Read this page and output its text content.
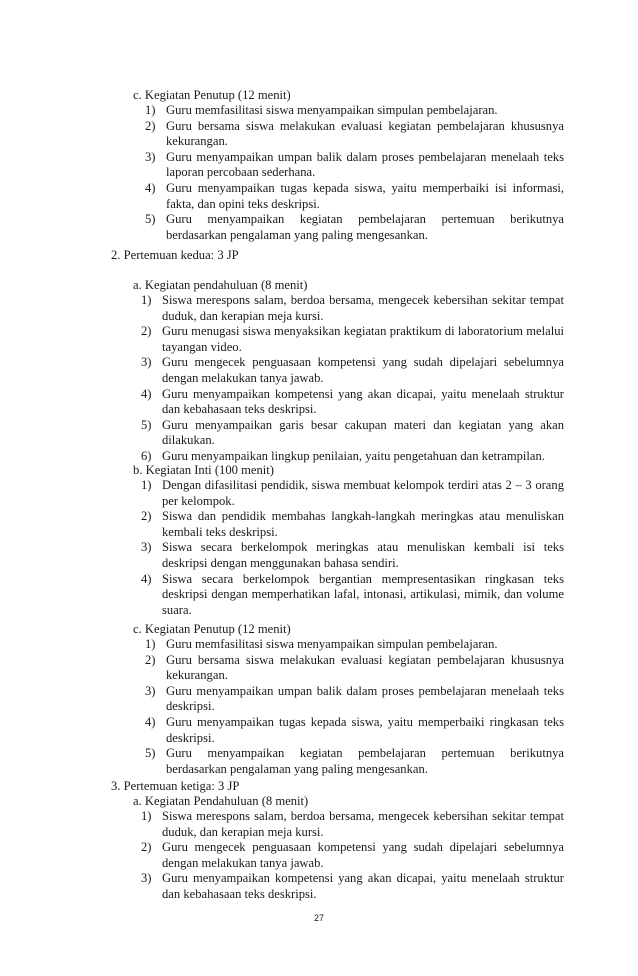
c. Kegiatan Penutup (12 menit)
1) Guru memfasilitasi siswa menyampaikan simpulan pembelajaran.
2) Guru bersama siswa melakukan evaluasi kegiatan pembelajaran khususnya kekurangan.
3) Guru menyampaikan umpan balik dalam proses pembelajaran menelaah teks laporan percobaan sederhana.
4) Guru menyampaikan tugas kepada siswa, yaitu memperbaiki isi informasi, fakta, dan opini teks deskripsi.
5) Guru menyampaikan kegiatan pembelajaran pertemuan berikutnya berdasarkan pengalaman yang paling mengesankan.
2. Pertemuan kedua: 3 JP
a. Kegiatan pendahuluan (8 menit)
1) Siswa merespons salam, berdoa bersama, mengecek kebersihan sekitar tempat duduk, dan kerapian meja kursi.
2) Guru menugasi siswa menyaksikan kegiatan praktikum di laboratorium melalui tayangan video.
3) Guru mengecek penguasaan kompetensi yang sudah dipelajari sebelumnya dengan melakukan tanya jawab.
4) Guru menyampaikan kompetensi yang akan dicapai, yaitu menelaah struktur dan kebahasaan teks deskripsi.
5) Guru menyampaikan garis besar cakupan materi dan kegiatan yang akan dilakukan.
6) Guru menyampaikan lingkup penilaian, yaitu pengetahuan dan ketrampilan.
b. Kegiatan Inti (100 menit)
1) Dengan difasilitasi pendidik, siswa membuat kelompok terdiri atas 2 – 3 orang per kelompok.
2) Siswa dan pendidik membahas langkah-langkah meringkas atau menuliskan kembali teks deskripsi.
3) Siswa secara berkelompok meringkas atau menuliskan kembali isi teks deskripsi dengan menggunakan bahasa sendiri.
4) Siswa secara berkelompok bergantian mempresentasikan ringkasan teks deskripsi dengan memperhatikan lafal, intonasi, artikulasi, mimik, dan volume suara.
c. Kegiatan Penutup (12 menit)
1) Guru memfasilitasi siswa menyampaikan simpulan pembelajaran.
2) Guru bersama siswa melakukan evaluasi kegiatan pembelajaran khususnya kekurangan.
3) Guru menyampaikan umpan balik dalam proses pembelajaran menelaah teks deskripsi.
4) Guru menyampaikan tugas kepada siswa, yaitu memperbaiki ringkasan teks deskripsi.
5) Guru menyampaikan kegiatan pembelajaran pertemuan berikutnya berdasarkan pengalaman yang paling mengesankan.
3. Pertemuan ketiga: 3 JP
a. Kegiatan Pendahuluan (8 menit)
1) Siswa merespons salam, berdoa bersama, mengecek kebersihan sekitar tempat duduk, dan kerapian meja kursi.
2) Guru mengecek penguasaan kompetensi yang sudah dipelajari sebelumnya dengan melakukan tanya jawab.
3) Guru menyampaikan kompetensi yang akan dicapai, yaitu menelaah struktur dan kebahasaan teks deskripsi.
27
